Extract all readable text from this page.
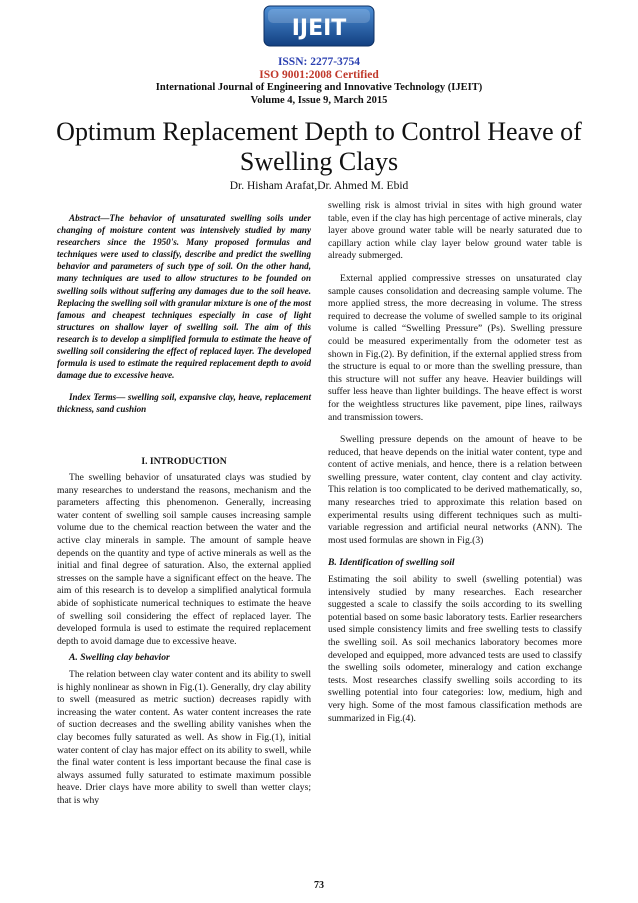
IJEIT
ISSN: 2277-3754
ISO 9001:2008 Certified
International Journal of Engineering and Innovative Technology (IJEIT)
Volume 4, Issue 9, March 2015
Optimum Replacement Depth to Control Heave of Swelling Clays
Dr. Hisham Arafat,Dr. Ahmed M. Ebid

Abstract—The behavior of unsaturated swelling soils under changing of moisture content was intensively studied by many researchers since the 1950's. Many proposed formulas and techniques were used to classify, describe and predict the swelling behavior and parameters of such type of soil. On the other hand, many techniques are used to allow structures to be founded on swelling soils without suffering any damages due to the soil heave. Replacing the swelling soil with granular mixture is one of the most famous and cheapest techniques especially in case of light structures on shallow layer of swelling soil. The aim of this research is to develop a simplified formula to estimate the heave of swelling soil considering the effect of replaced layer. The developed formula is used to estimate the required replacement depth to avoid damage due to excessive heave.

Index Terms— swelling soil, expansive clay, heave, replacement thickness, sand cushion

I. INTRODUCTION

The swelling behavior of unsaturated clays was studied by many researches to understand the reasons, mechanism and the parameters affecting this phenomenon. Generally, increasing water content of swelling soil sample causes increasing sample volume due to the chemical reaction between the water and the active clay minerals in sample. The amount of sample heave depends on the quantity and type of active minerals as well as the initial and final degree of saturation. Also, the external applied stresses on the sample have a significant effect on the heave. The aim of this research is to develop a simplified analytical formula abide of sophisticate numerical techniques to estimate the heave of swelling soil considering the effect of replaced layer. The developed formula is used to estimate the required replacement depth to avoid damage due to excessive heave.

A. Swelling clay behavior

The relation between clay water content and its ability to swell is highly nonlinear as shown in Fig.(1). Generally, dry clay ability to swell (measured as metric suction) decreases rapidly with increasing the water content. As water content increases the rate of suction decreases and the swelling ability vanishes when the clay becomes fully saturated as well. As show in Fig.(1), initial water content of clay has major effect on its ability to swell, while the final water content is less important because the final case is always assumed fully saturated to estimate maximum possible heave. Drier clays have more ability to swell than wetter clays; that is why

swelling risk is almost trivial in sites with high ground water table, even if the clay has high percentage of active minerals, clay layer above ground water table will be nearly saturated due to capillary action while clay layer below ground water table is already submerged.

External applied compressive stresses on unsaturated clay sample causes consolidation and decreasing sample volume. The more applied stress, the more decreasing in volume. The stress required to decrease the volume of swelled sample to its original volume is called “Swelling Pressure” (Ps). Swelling pressure could be measured experimentally from the odometer test as shown in Fig.(2). By definition, if the external applied stress from the structure is equal to or more than the swelling pressure, than this structure will not suffer any heave. Heavier buildings will suffer less heave than lighter buildings. The heave effect is worst for the weightless structures like pavement, pipe lines, railways and transmission towers.

Swelling pressure depends on the amount of heave to be reduced, that heave depends on the initial water content, type and content of active menials, and hence, there is a relation between swelling pressure, water content, clay content and clay activity. This relation is too complicated to be derived mathematically, so, many researches tried to approximate this relation based on experimental results using different techniques such as multi-variable regression and artificial neural networks (ANN). The most used formulas are shown in Fig.(3)

B. Identification of swelling soil

Estimating the soil ability to swell (swelling potential) was intensively studied by many researches. Each researcher suggested a scale to classify the soils according to its swelling potential based on some basic laboratory tests. Earlier researchers used simple consistency limits and free swelling tests to classify the swelling soil. As soil mechanics laboratory becomes more developed and equipped, more advanced tests are used to classify the swelling soils odometer, mineralogy and cation exchange tests. Most researches classify swelling soils according to its swelling potential into four categories: low, medium, high and very high. Some of the most famous classification methods are summarized in Fig.(4).

73
